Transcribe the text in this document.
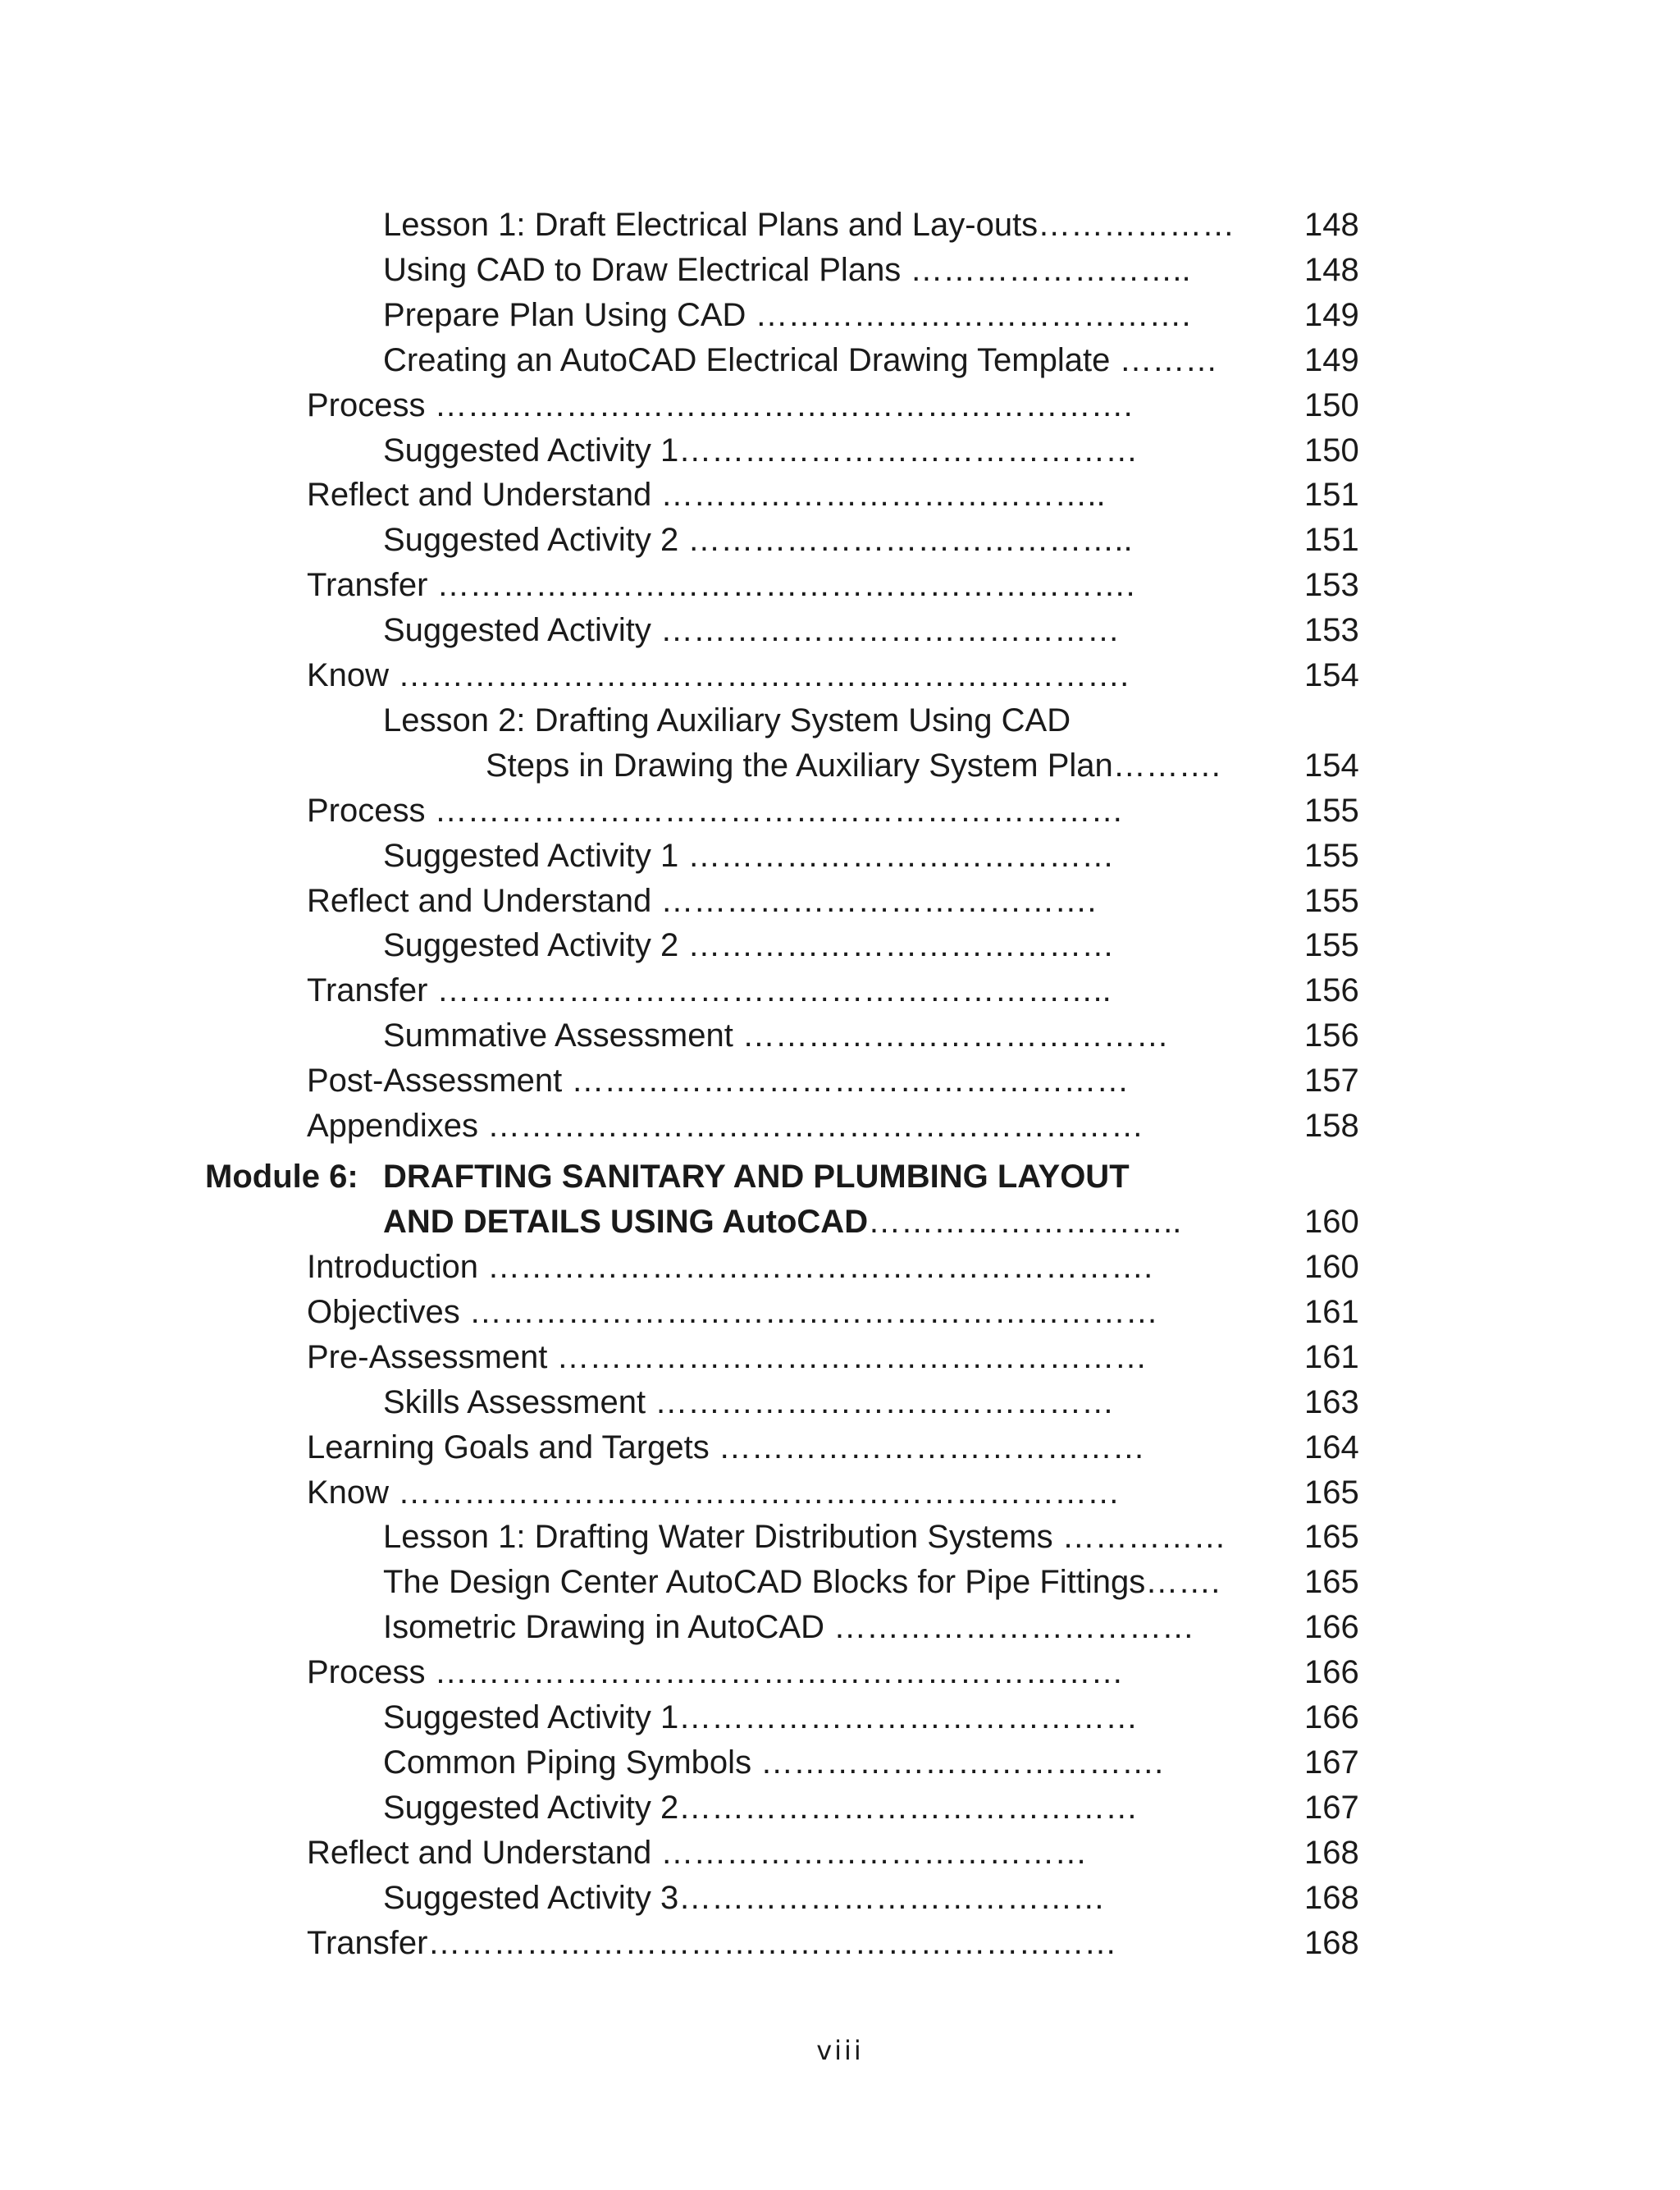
Lesson 1: Draft Electrical Plans and Lay-outs……………… 148
Using CAD to Draw Electrical Plans ……………………..	148
Prepare Plan Using CAD ………………………………….	149
Creating an AutoCAD Electrical Drawing Template ………	149
Process ……………………………………………………….	150
Suggested Activity 1……………………………………	150
Reflect and Understand …………………………………..	151
Suggested Activity 2 …………………………………..	151
Transfer ……………………………………………………….	153
Suggested Activity ……………………………………	153
Know ………………………………………………………….	154
Lesson 2: Drafting Auxiliary System Using CAD
Steps in Drawing the Auxiliary System Plan……….	154
Process ………………………………………………………	155
Suggested Activity 1 …………………………………	155
Reflect and Understand ………………………………….	155
Suggested Activity 2 …………………………………	155
Transfer ……………………………………………………..	156
Summative Assessment …………………………………	156
Post-Assessment ……………………………………………	157
Appendixes ……………………………………………………	158
Module 6: DRAFTING SANITARY AND PLUMBING LAYOUT
AND DETAILS USING AutoCAD………………………..	160
Introduction …………………………………………………….	160
Objectives ………………………………………………………	161
Pre-Assessment ………………………………………………	161
Skills Assessment ……………………………………	163
Learning Goals and Targets …………………………………	164
Know …………………………………………………………	165
Lesson 1: Drafting Water Distribution Systems …………… 165
The Design Center AutoCAD Blocks for Pipe Fittings…….	165
Isometric Drawing in AutoCAD ……………………………	166
Process ………………………………………………………	166
Suggested Activity 1……………………………………	166
Common Piping Symbols ……………………………….	167
Suggested Activity 2……………………………………	167
Reflect and Understand …………………………………	168
Suggested Activity 3…………………………………	168
Transfer………………………………………………………	168
viii
